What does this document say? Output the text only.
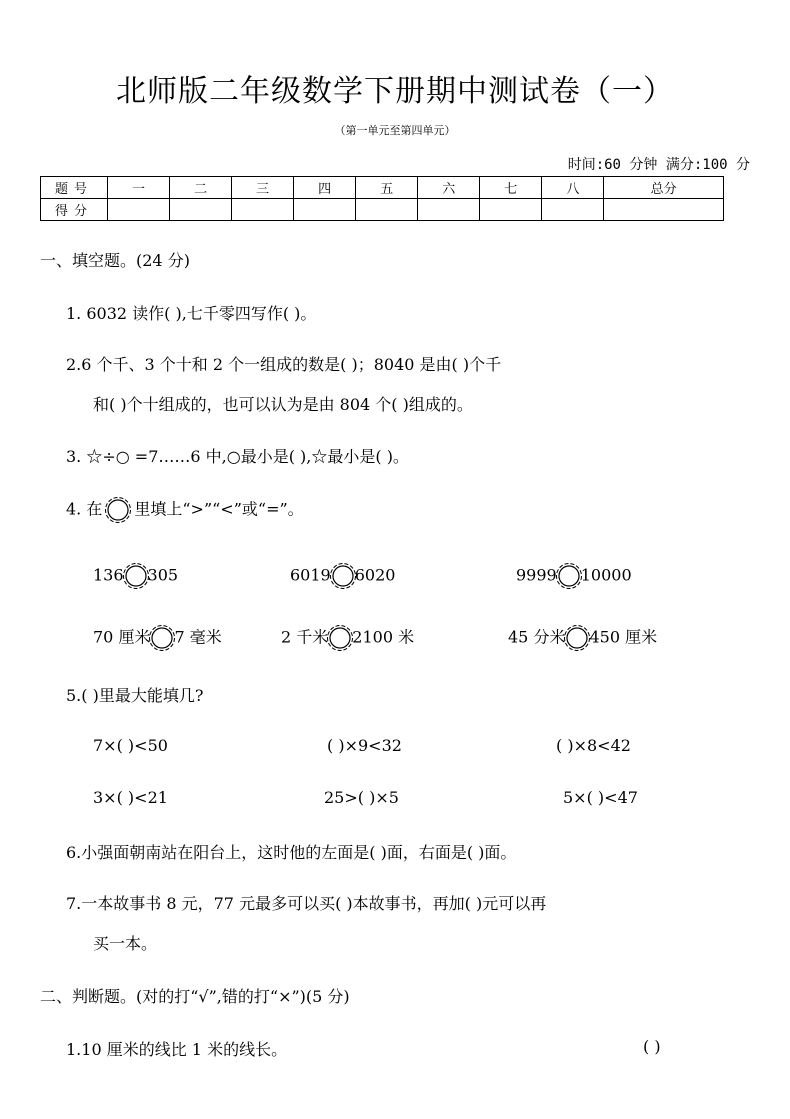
北师版二年级数学下册期中测试卷（一）
（第一单元至第四单元）
时间:60 分钟 满分:100 分
题号	一	二	三	四	五	六	七	八	总分
得分									
一、填空题。(24 分)
1. 6032 读作( ),七千零四写作( )。
2.6 个千、3 个十和 2 个一组成的数是( )；8040 是由( )个千
和( )个十组成的，也可以认为是由 804 个( )组成的。
3. ☆÷○ =7……6 中,○最小是( ),☆最小是( )。
4. 在 里填上“>”“<”或“=”。
136 305	6019 6020	9999 10000
70 厘米 7 毫米	2 千米 2100 米	45 分米 450 厘米
5.( )里最大能填几?
7×( )<50	( )×9<32	( )×8<42
3×( )<21	25>( )×5	5×( )<47
6.小强面朝南站在阳台上，这时他的左面是( )面，右面是( )面。
7.一本故事书 8 元，77 元最多可以买( )本故事书，再加( )元可以再
买一本。
二、判断题。(对的打“√”,错的打“×”)(5 分)
1.10 厘米的线比 1 米的线长。	( )
